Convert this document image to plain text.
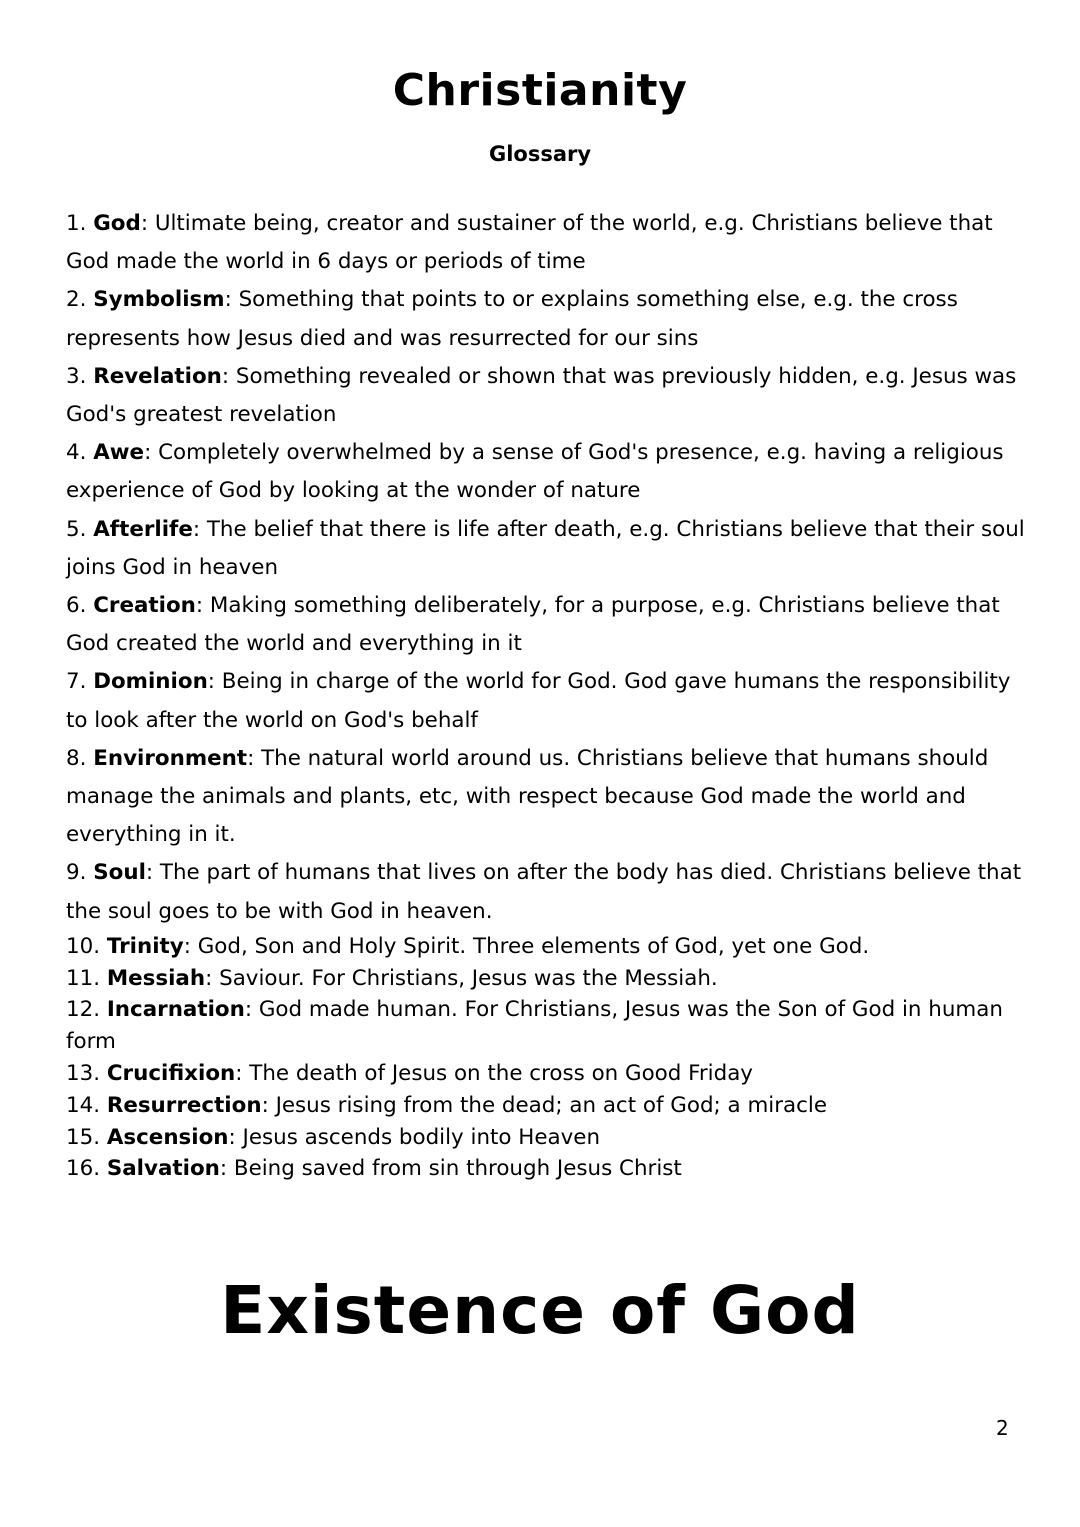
Christianity
Glossary

1. God: Ultimate being, creator and sustainer of the world, e.g. Christians believe that God made the world in 6 days or periods of time

2. Symbolism: Something that points to or explains something else, e.g. the cross represents how Jesus died and was resurrected for our sins

3. Revelation: Something revealed or shown that was previously hidden, e.g. Jesus was God's greatest revelation

4. Awe: Completely overwhelmed by a sense of God's presence, e.g. having a religious experience of God by looking at the wonder of nature

5. Afterlife: The belief that there is life after death, e.g. Christians believe that their soul joins God in heaven

6. Creation: Making something deliberately, for a purpose, e.g. Christians believe that God created the world and everything in it

7. Dominion: Being in charge of the world for God. God gave humans the responsibility to look after the world on God's behalf

8. Environment: The natural world around us. Christians believe that humans should manage the animals and plants, etc, with respect because God made the world and everything in it.

9. Soul: The part of humans that lives on after the body has died. Christians believe that the soul goes to be with God in heaven.

10. Trinity: God, Son and Holy Spirit. Three elements of God, yet one God.

11. Messiah: Saviour. For Christians, Jesus was the Messiah.

12. Incarnation: God made human. For Christians, Jesus was the Son of God in human form

13. Crucifixion: The death of Jesus on the cross on Good Friday

14. Resurrection: Jesus rising from the dead; an act of God; a miracle

15. Ascension: Jesus ascends bodily into Heaven

16. Salvation: Being saved from sin through Jesus Christ

Existence of God
2
